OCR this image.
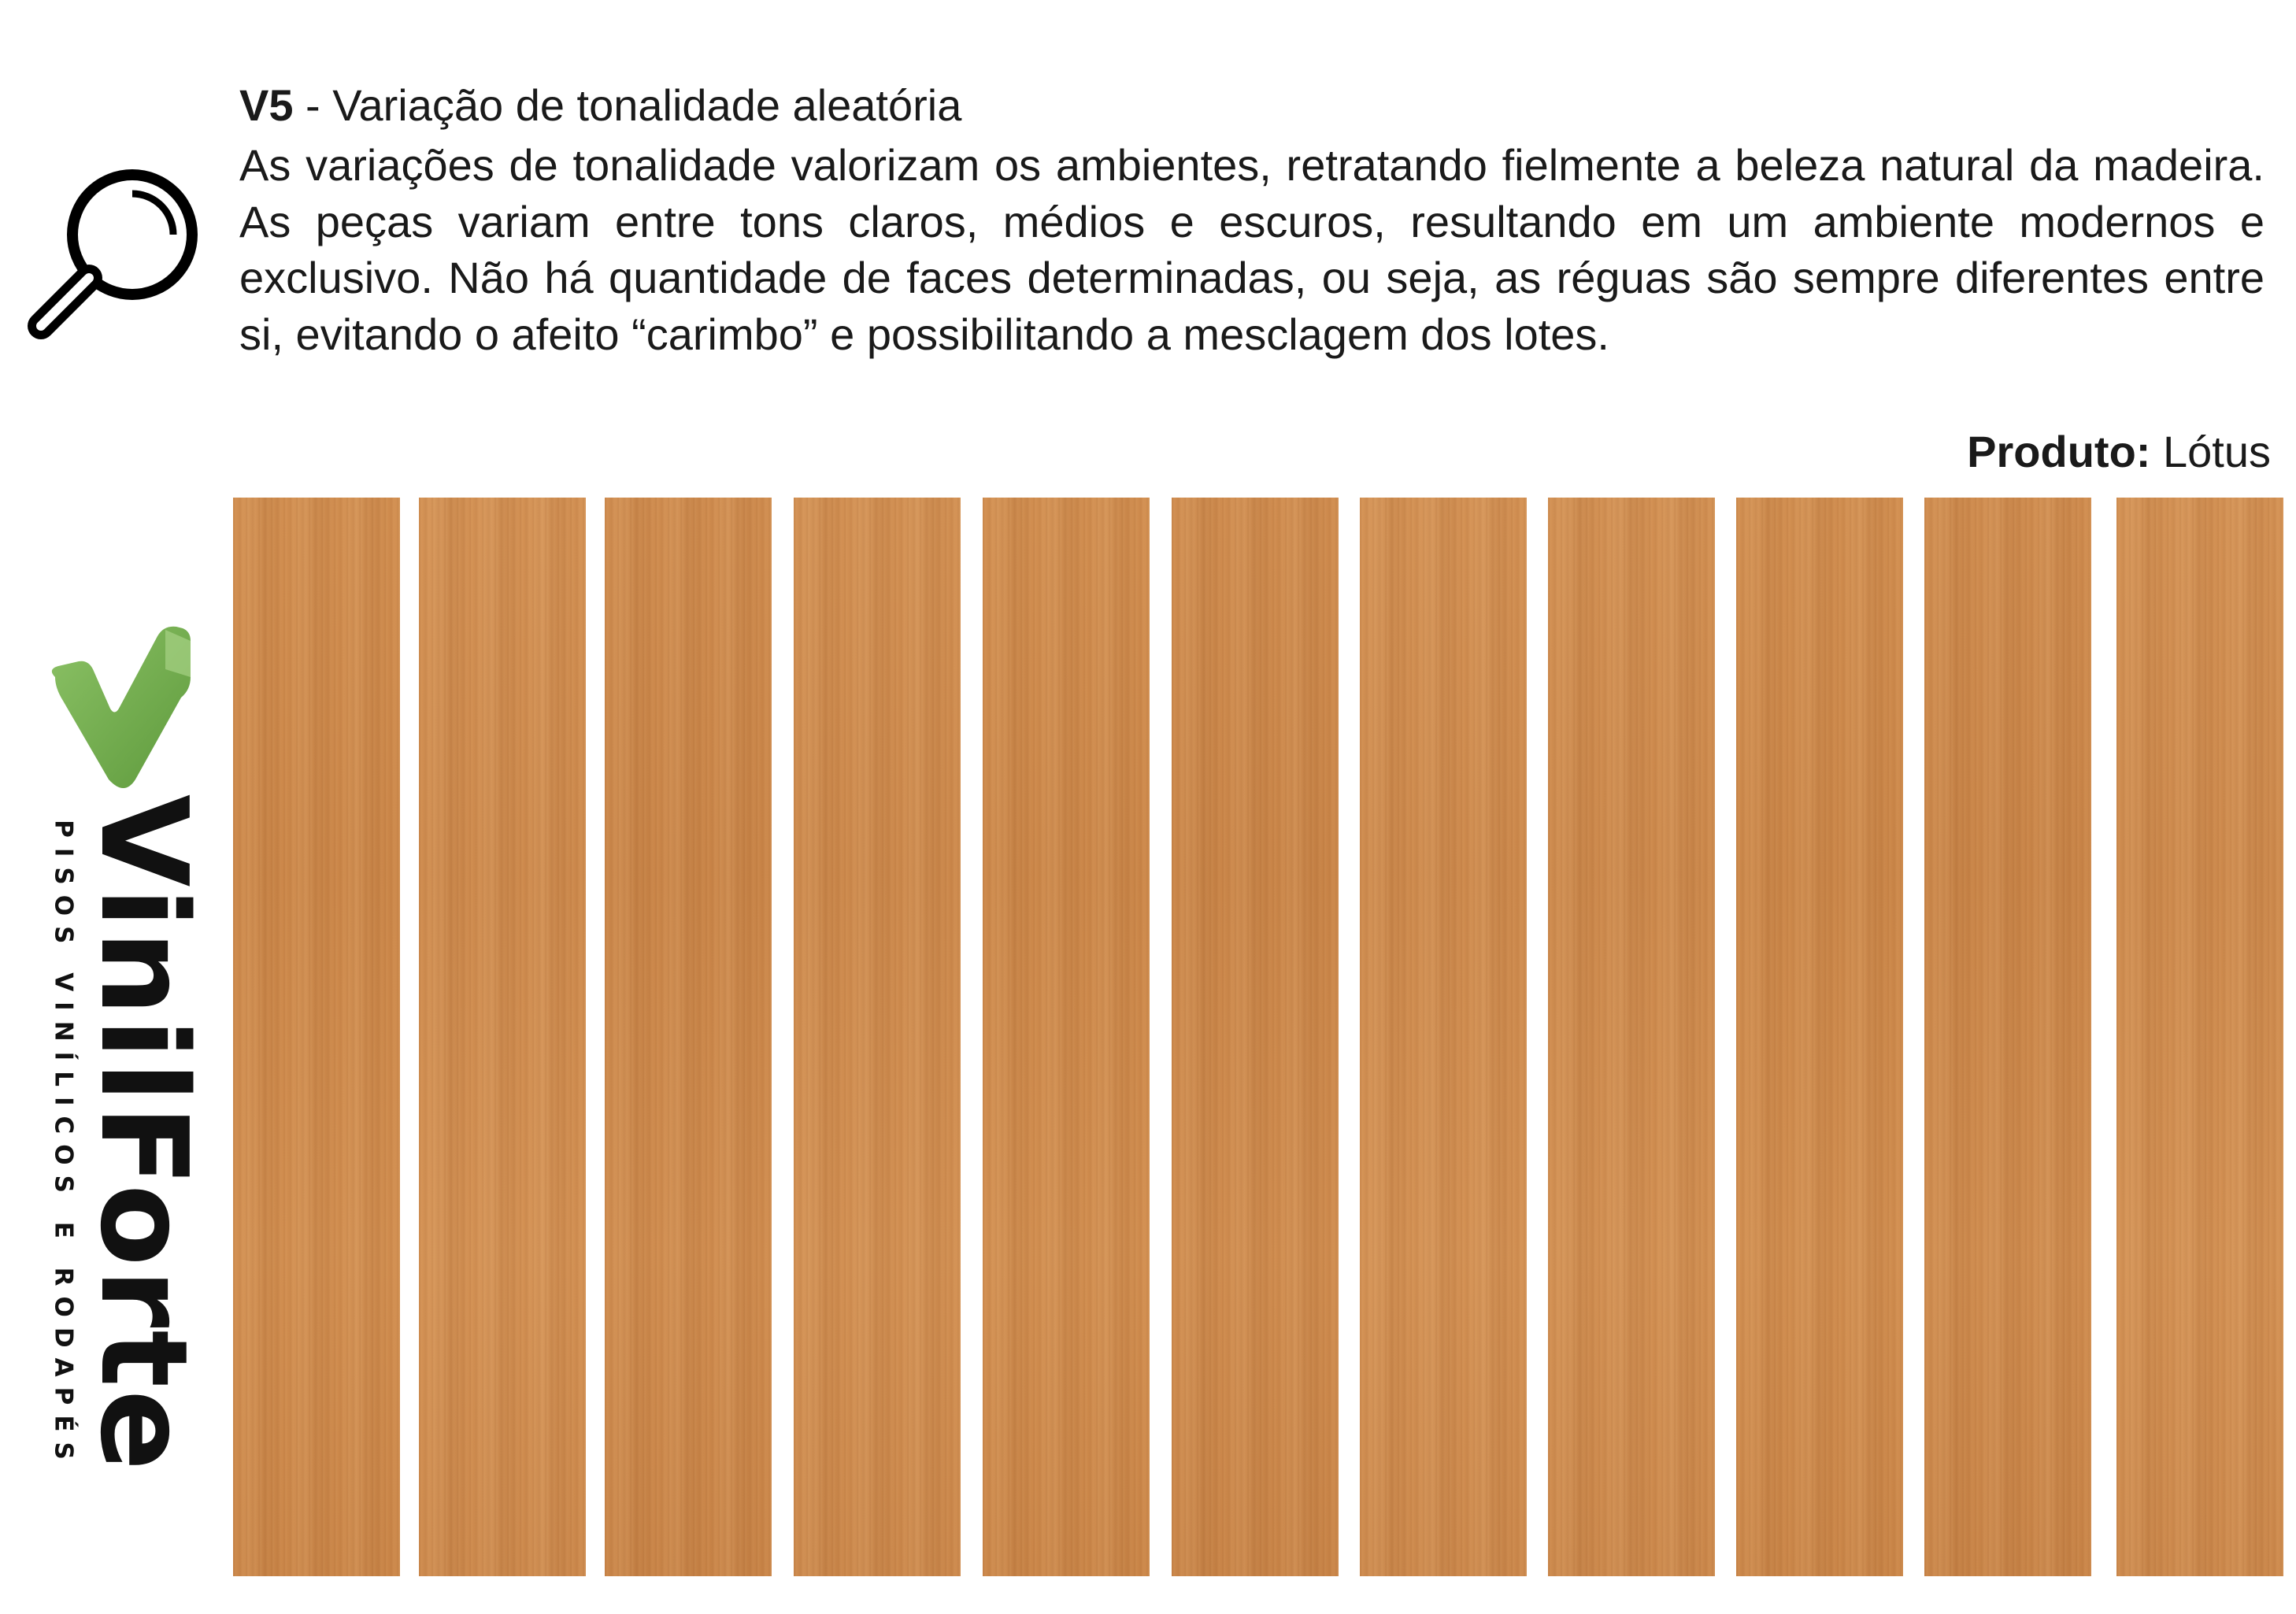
V5 - Variação de tonalidade aleatória

As variações de tonalidade valorizam os ambientes, retratando fielmente a beleza natural da madeira. As peças variam entre tons claros, médios e escuros, resultando em um ambiente modernos e exclusivo. Não há quantidade de faces determinadas, ou seja, as réguas são sempre diferentes entre si, evitando o afeito “carimbo” e possibilitando a mesclagem dos lotes.

Produto: Lótus
VinilForte
PISOS VINÍLICOS E RODAPÉS
